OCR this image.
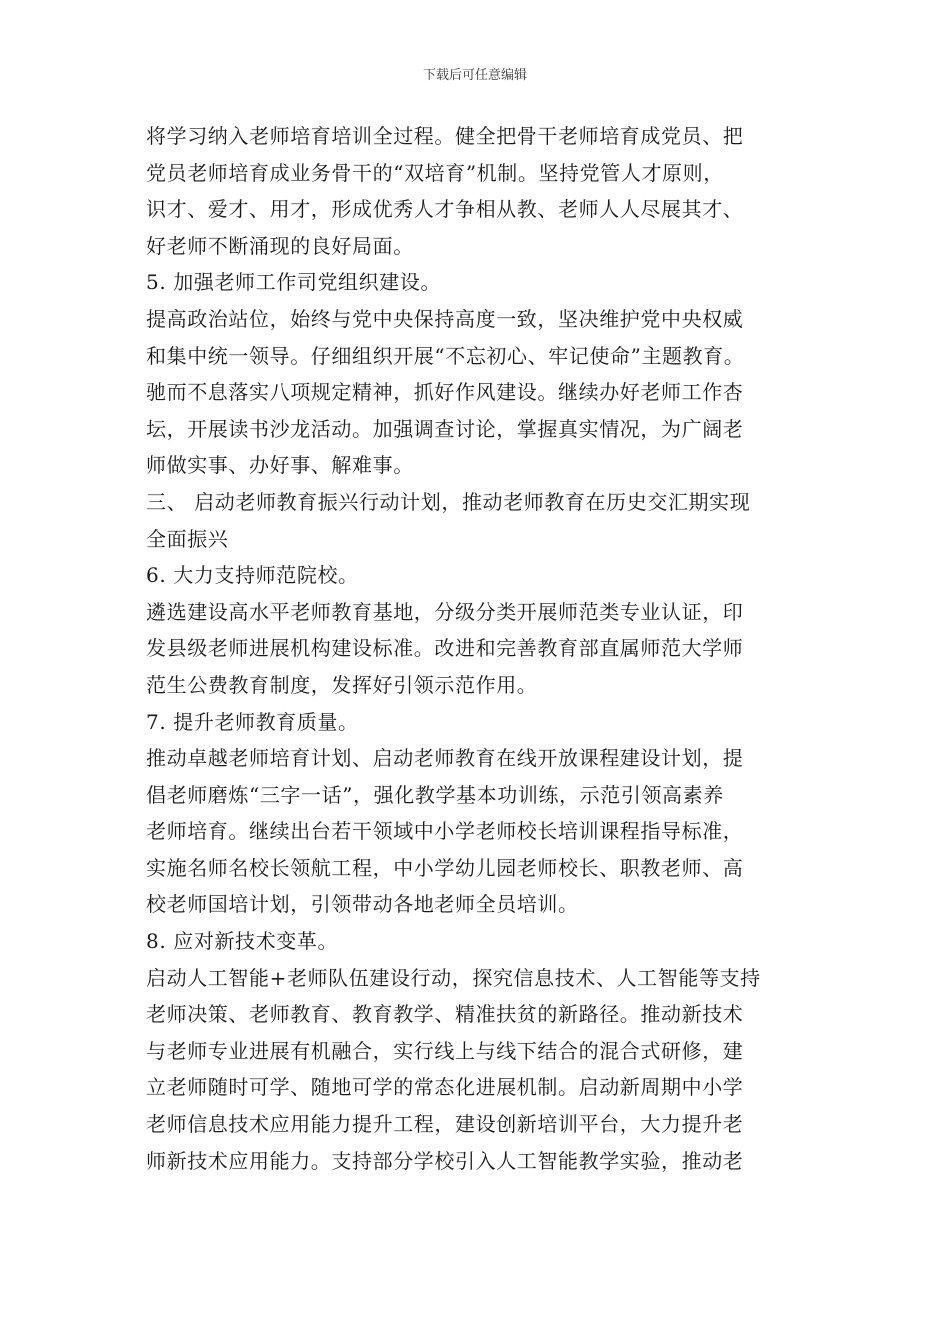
下载后可任意编辑
将学习纳入老师培育培训全过程。健全把骨干老师培育成党员、把
党员老师培育成业务骨干的“双培育”机制。坚持党管人才原则，
识才、爱才、用才，形成优秀人才争相从教、老师人人尽展其才、
好老师不断涌现的良好局面。
5. 加强老师工作司党组织建设。
提高政治站位，始终与党中央保持高度一致，坚决维护党中央权威
和集中统一领导。仔细组织开展“不忘初心、牢记使命”主题教育。
驰而不息落实八项规定精神，抓好作风建设。继续办好老师工作杏
坛，开展读书沙龙活动。加强调查讨论，掌握真实情况，为广阔老
师做实事、办好事、解难事。
三、 启动老师教育振兴行动计划，推动老师教育在历史交汇期实现
全面振兴
6. 大力支持师范院校。
遴选建设高水平老师教育基地，分级分类开展师范类专业认证，印
发县级老师进展机构建设标准。改进和完善教育部直属师范大学师
范生公费教育制度，发挥好引领示范作用。
7. 提升老师教育质量。
推动卓越老师培育计划、启动老师教育在线开放课程建设计划，提
倡老师磨炼“三字一话”，强化教学基本功训练，示范引领高素养
老师培育。继续出台若干领域中小学老师校长培训课程指导标准，
实施名师名校长领航工程，中小学幼儿园老师校长、职教老师、高
校老师国培计划，引领带动各地老师全员培训。
8. 应对新技术变革。
启动人工智能+老师队伍建设行动，探究信息技术、人工智能等支持
老师决策、老师教育、教育教学、精准扶贫的新路径。推动新技术
与老师专业进展有机融合，实行线上与线下结合的混合式研修，建
立老师随时可学、随地可学的常态化进展机制。启动新周期中小学
老师信息技术应用能力提升工程，建设创新培训平台，大力提升老
师新技术应用能力。支持部分学校引入人工智能教学实验，推动老
